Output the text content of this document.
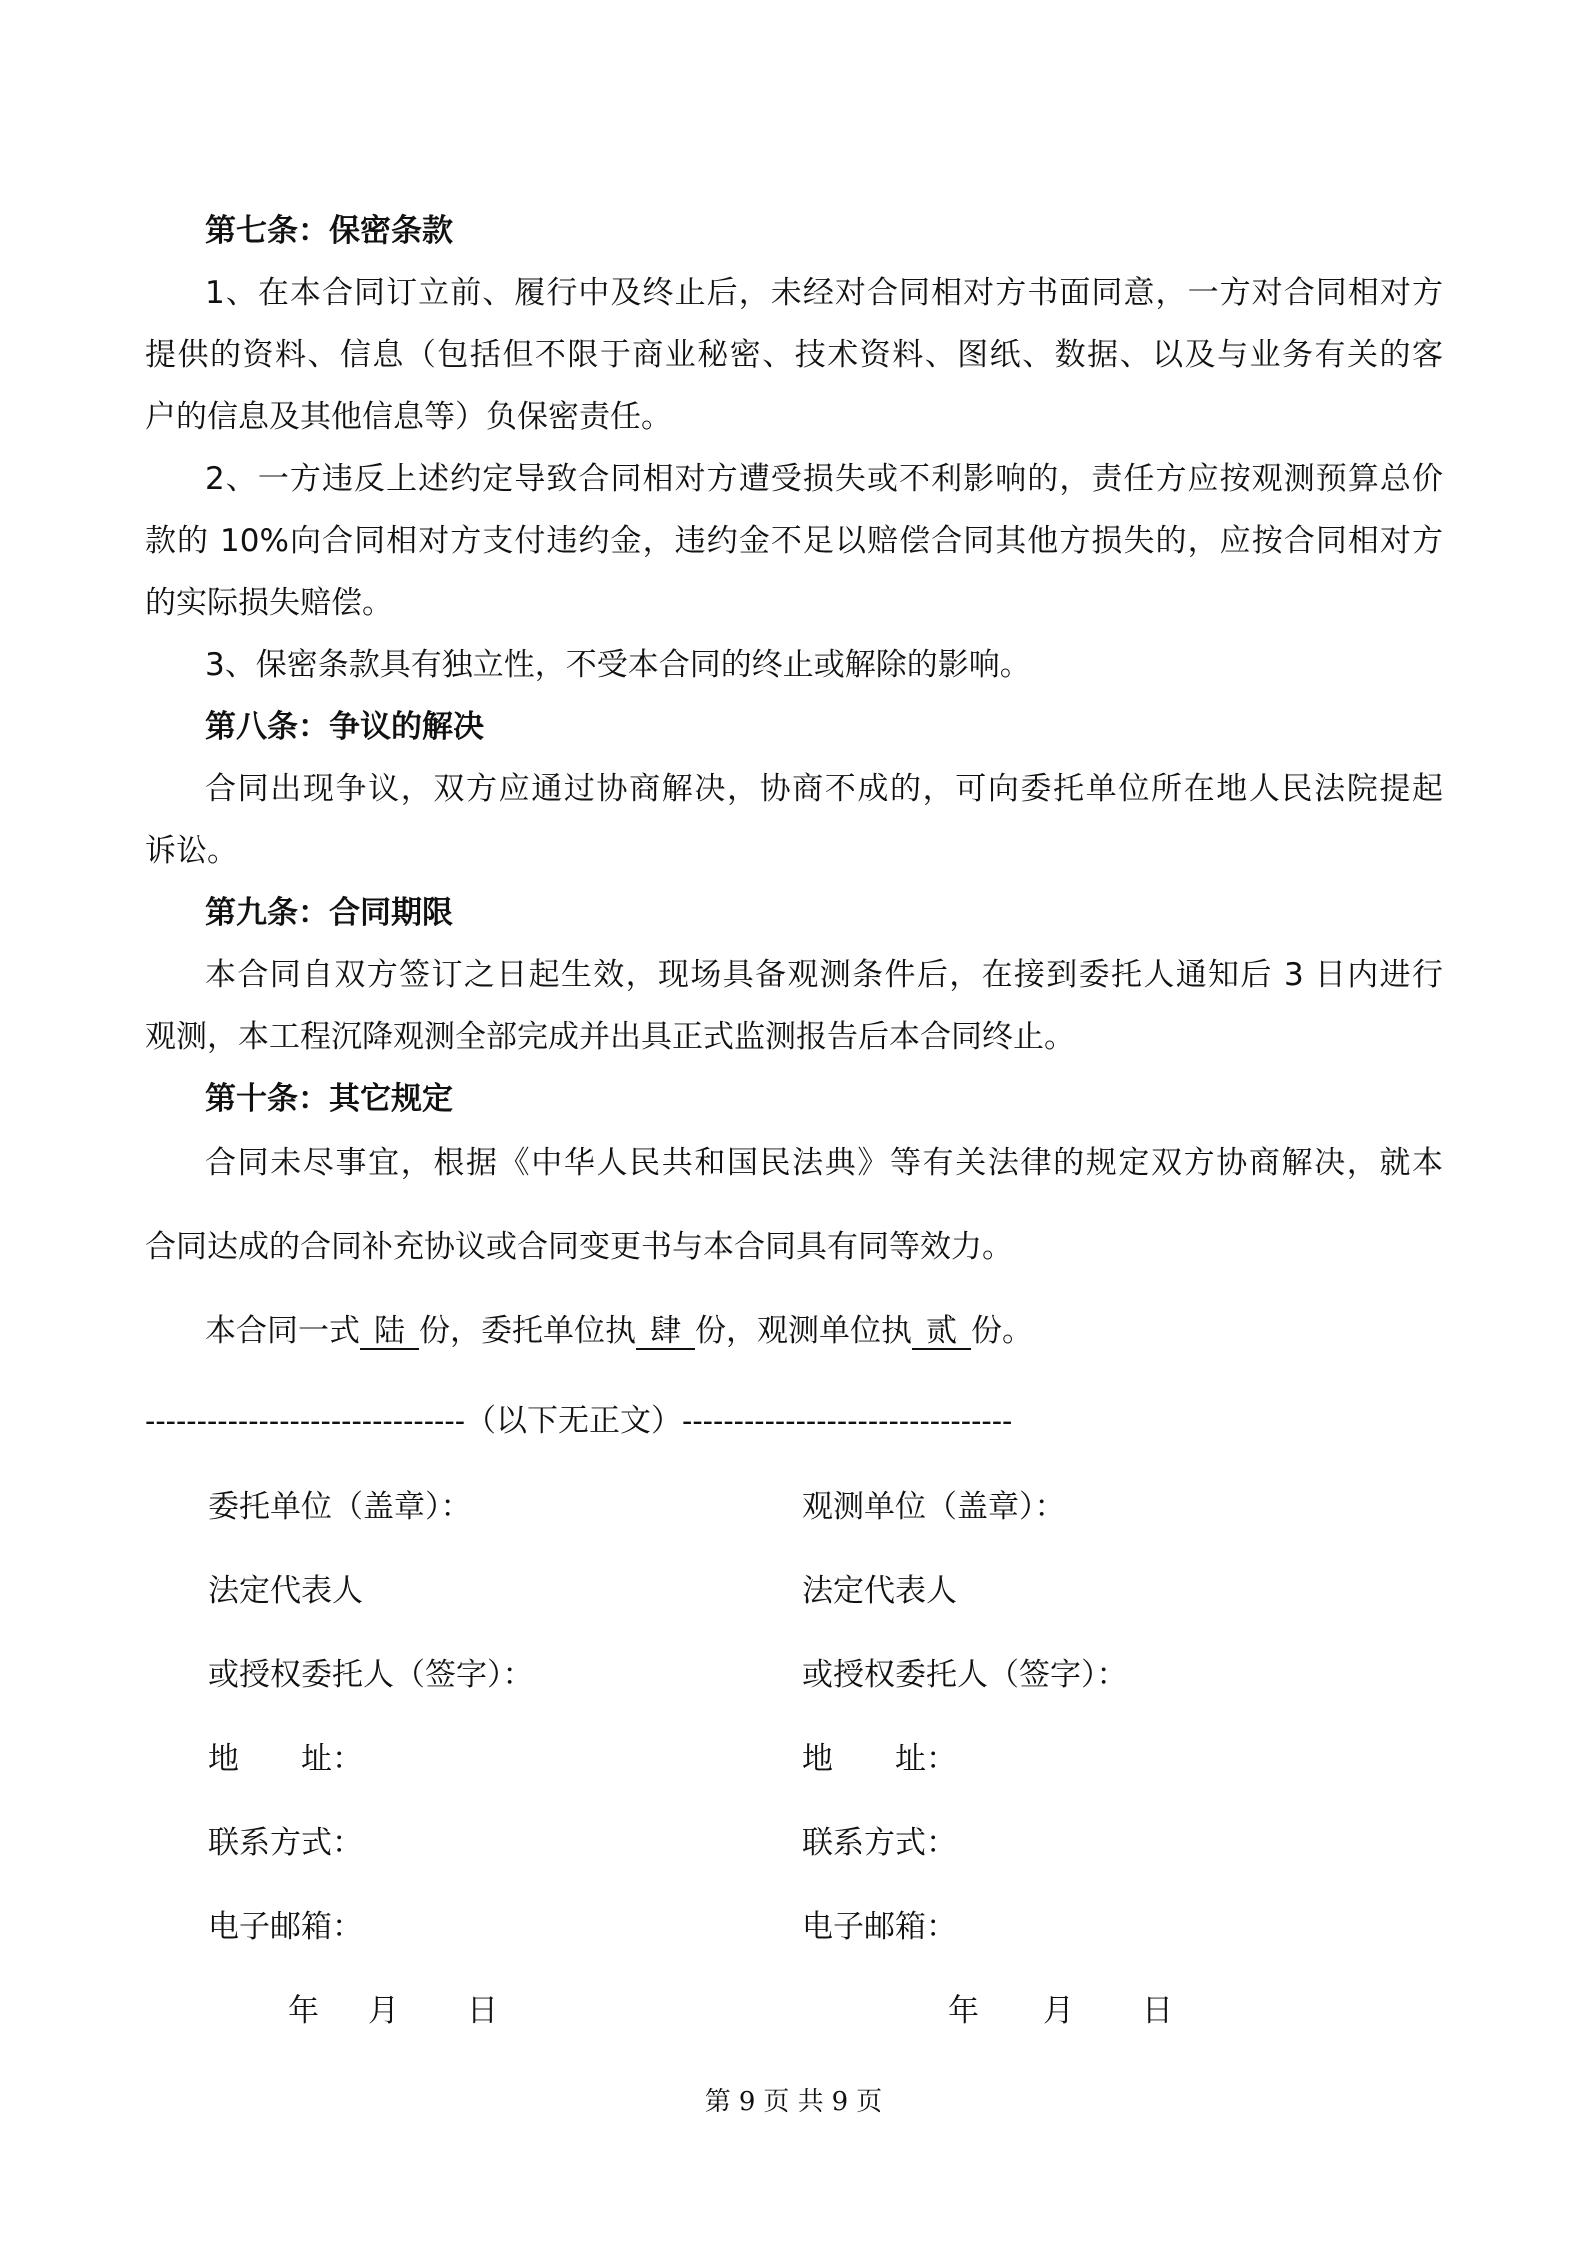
第七条：保密条款
1、在本合同订立前、履行中及终止后，未经对合同相对方书面同意，一方对合同相对方
提供的资料、信息（包括但不限于商业秘密、技术资料、图纸、数据、以及与业务有关的客
户的信息及其他信息等）负保密责任。
2、一方违反上述约定导致合同相对方遭受损失或不利影响的，责任方应按观测预算总价
款的 10%向合同相对方支付违约金，违约金不足以赔偿合同其他方损失的，应按合同相对方
的实际损失赔偿。
3、保密条款具有独立性，不受本合同的终止或解除的影响。
第八条：争议的解决
合同出现争议，双方应通过协商解决，协商不成的，可向委托单位所在地人民法院提起
诉讼。
第九条：合同期限
本合同自双方签订之日起生效，现场具备观测条件后，在接到委托人通知后 3 日内进行
观测，本工程沉降观测全部完成并出具正式监测报告后本合同终止。
第十条：其它规定
合同未尽事宜，根据《中华人民共和国民法典》等有关法律的规定双方协商解决，就本
合同达成的合同补充协议或合同变更书与本合同具有同等效力。
本合同一式 陆 份，委托单位执 肆 份，观测单位执 贰 份。
-------------------------------（以下无正文）--------------------------------
委托单位（盖章）：
法定代表人
或授权委托人（签字）：
地　　址：
联系方式：
电子邮箱：
年 月 日
观测单位（盖章）：
法定代表人
或授权委托人（签字）：
地　　址：
联系方式：
电子邮箱：
年 月 日
第 9 页 共 9 页
